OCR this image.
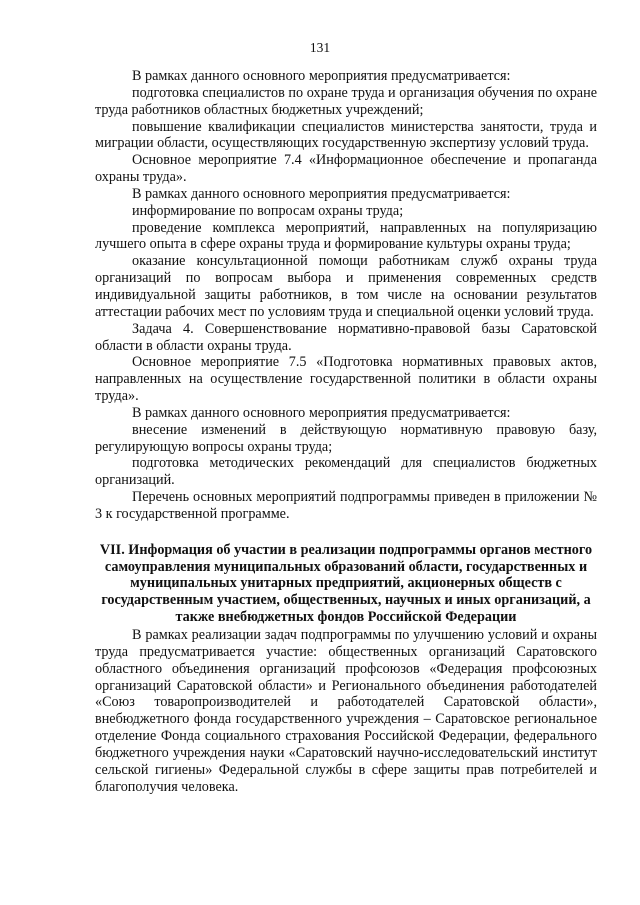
131

В рамках данного основного мероприятия предусматривается:

подготовка специалистов по охране труда и организация обучения по охране труда работников областных бюджетных учреждений;

повышение квалификации специалистов министерства занятости, труда и миграции области, осуществляющих государственную экспертизу условий труда.

Основное мероприятие 7.4 «Информационное обеспечение и пропаганда охраны труда».

В рамках данного основного мероприятия предусматривается:

информирование по вопросам охраны труда;

проведение комплекса мероприятий, направленных на популяризацию лучшего опыта в сфере охраны труда и формирование культуры охраны труда;

оказание консультационной помощи работникам служб охраны труда организаций по вопросам выбора и применения современных средств индивидуальной защиты работников, в том числе на основании результатов аттестации рабочих мест по условиям труда и специальной оценки условий труда.

Задача 4. Совершенствование нормативно-правовой базы Саратовской области в области охраны труда.

Основное мероприятие 7.5 «Подготовка нормативных правовых актов, направленных на осуществление государственной политики в области охраны труда».

В рамках данного основного мероприятия предусматривается:

внесение изменений в действующую нормативную правовую базу, регулирующую вопросы охраны труда;

подготовка методических рекомендаций для специалистов бюджетных организаций.

Перечень основных мероприятий подпрограммы приведен в приложении № 3 к государственной программе.

VII. Информация об участии в реализации подпрограммы органов местного самоуправления муниципальных образований области, государственных и муниципальных унитарных предприятий, акционерных обществ с государственным участием, общественных, научных и иных организаций, а также внебюджетных фондов Российской Федерации

В рамках реализации задач подпрограммы по улучшению условий и охраны труда предусматривается участие: общественных организаций Саратовского областного объединения организаций профсоюзов «Федерация профсоюзных организаций Саратовской области» и Регионального объединения работодателей «Союз товаропроизводителей и работодателей Саратовской области», внебюджетного фонда государственного учреждения – Саратовское региональное отделение Фонда социального страхования Российской Федерации, федерального бюджетного учреждения науки «Саратовский научно-исследовательский институт сельской гигиены» Федеральной службы в сфере защиты прав потребителей и благополучия человека.
